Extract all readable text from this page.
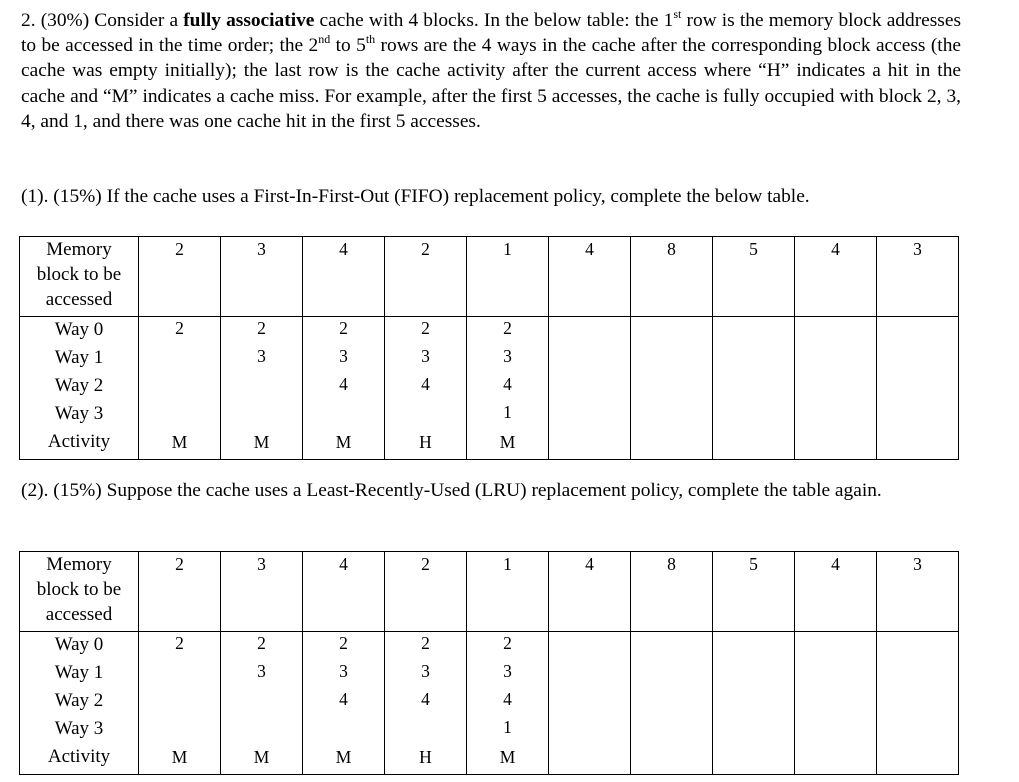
2. (30%) Consider a fully associative cache with 4 blocks. In the below table: the 1st row is the memory block addresses to be accessed in the time order; the 2nd to 5th rows are the 4 ways in the cache after the corresponding block access (the cache was empty initially); the last row is the cache activity after the current access where “H” indicates a hit in the cache and “M” indicates a cache miss. For example, after the first 5 accesses, the cache is fully occupied with block 2, 3, 4, and 1, and there was one cache hit in the first 5 accesses.

(1). (15%) If the cache uses a First-In-First-Out (FIFO) replacement policy, complete the below table.

Memory
block to be
accessed	2	3	4	2	1	4	8	5	4	3
Way 0	2	2	2	2	2					
Way 1		3	3	3	3					
Way 2			4	4	4					
Way 3					1					
Activity	M	M	M	H	M					

(2). (15%) Suppose the cache uses a Least-Recently-Used (LRU) replacement policy, complete the table again.

Memory
block to be
accessed	2	3	4	2	1	4	8	5	4	3
Way 0	2	2	2	2	2					
Way 1		3	3	3	3					
Way 2			4	4	4					
Way 3					1					
Activity	M	M	M	H	M					
